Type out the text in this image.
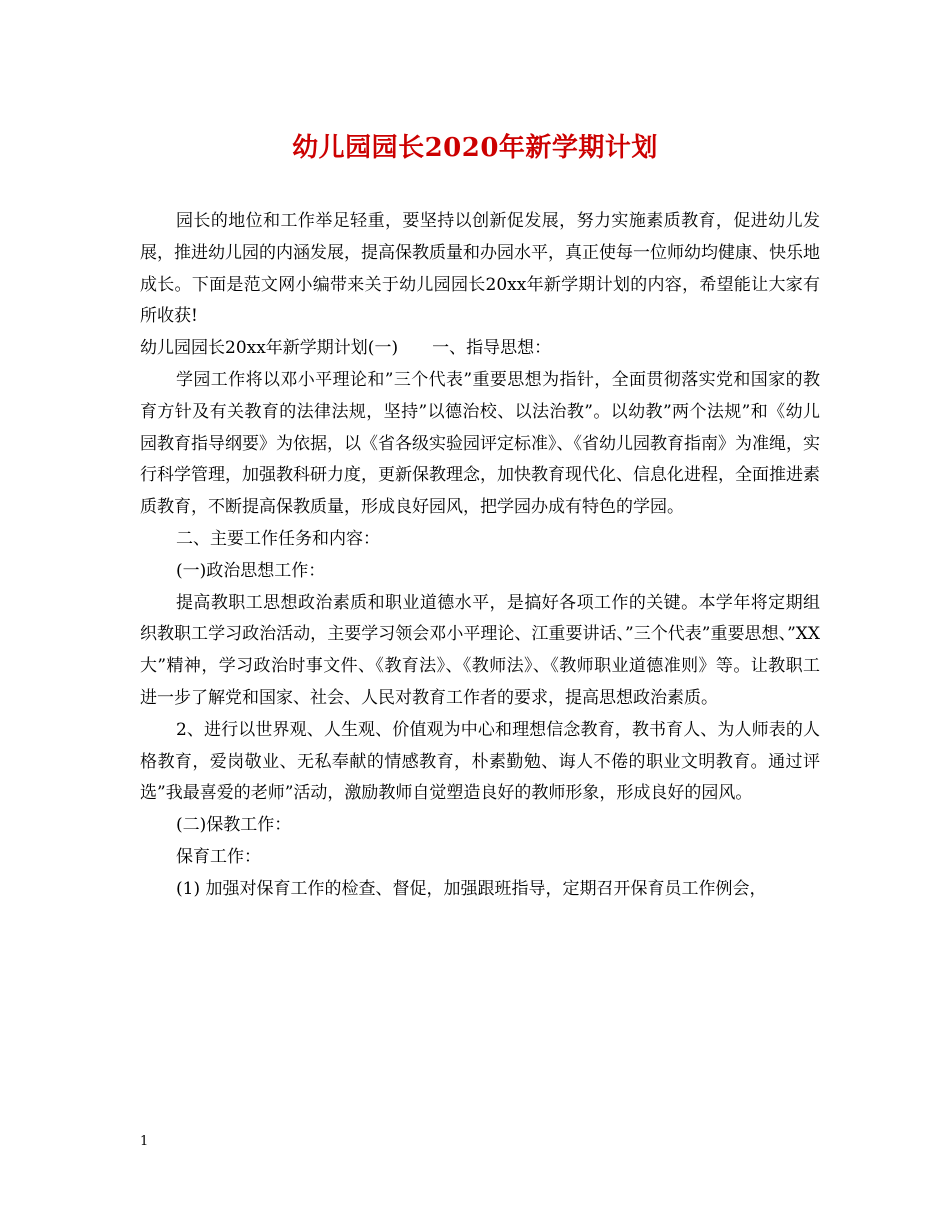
幼儿园园长2020年新学期计划

园长的地位和工作举足轻重，要坚持以创新促发展，努力实施素质教育，促进幼儿发展，推进幼儿园的内涵发展，提高保教质量和办园水平，真正使每一位师幼均健康、快乐地成长。下面是范文网小编带来关于幼儿园园长20xx年新学期计划的内容，希望能让大家有所收获!

幼儿园园长20xx年新学期计划(一)　　一、指导思想：

学园工作将以邓小平理论和”三个代表”重要思想为指针，全面贯彻落实党和国家的教育方针及有关教育的法律法规，坚持”以德治校、以法治教”。以幼教”两个法规”和《幼儿园教育指导纲要》为依据，以《省各级实验园评定标准》、《省幼儿园教育指南》为准绳，实行科学管理，加强教科研力度，更新保教理念，加快教育现代化、信息化进程，全面推进素质教育，不断提高保教质量，形成良好园风，把学园办成有特色的学园。

二、主要工作任务和内容：

(一)政治思想工作：

提高教职工思想政治素质和职业道德水平，是搞好各项工作的关键。本学年将定期组织教职工学习政治活动，主要学习领会邓小平理论、江重要讲话、”三个代表”重要思想、”XX大”精神，学习政治时事文件、《教育法》、《教师法》、《教师职业道德准则》等。让教职工进一步了解党和国家、社会、人民对教育工作者的要求，提高思想政治素质。

2、进行以世界观、人生观、价值观为中心和理想信念教育，教书育人、为人师表的人格教育，爱岗敬业、无私奉献的情感教育，朴素勤勉、诲人不倦的职业文明教育。通过评选”我最喜爱的老师”活动，激励教师自觉塑造良好的教师形象，形成良好的园风。

(二)保教工作：

保育工作：

(1) 加强对保育工作的检查、督促，加强跟班指导，定期召开保育员工作例会，

1
